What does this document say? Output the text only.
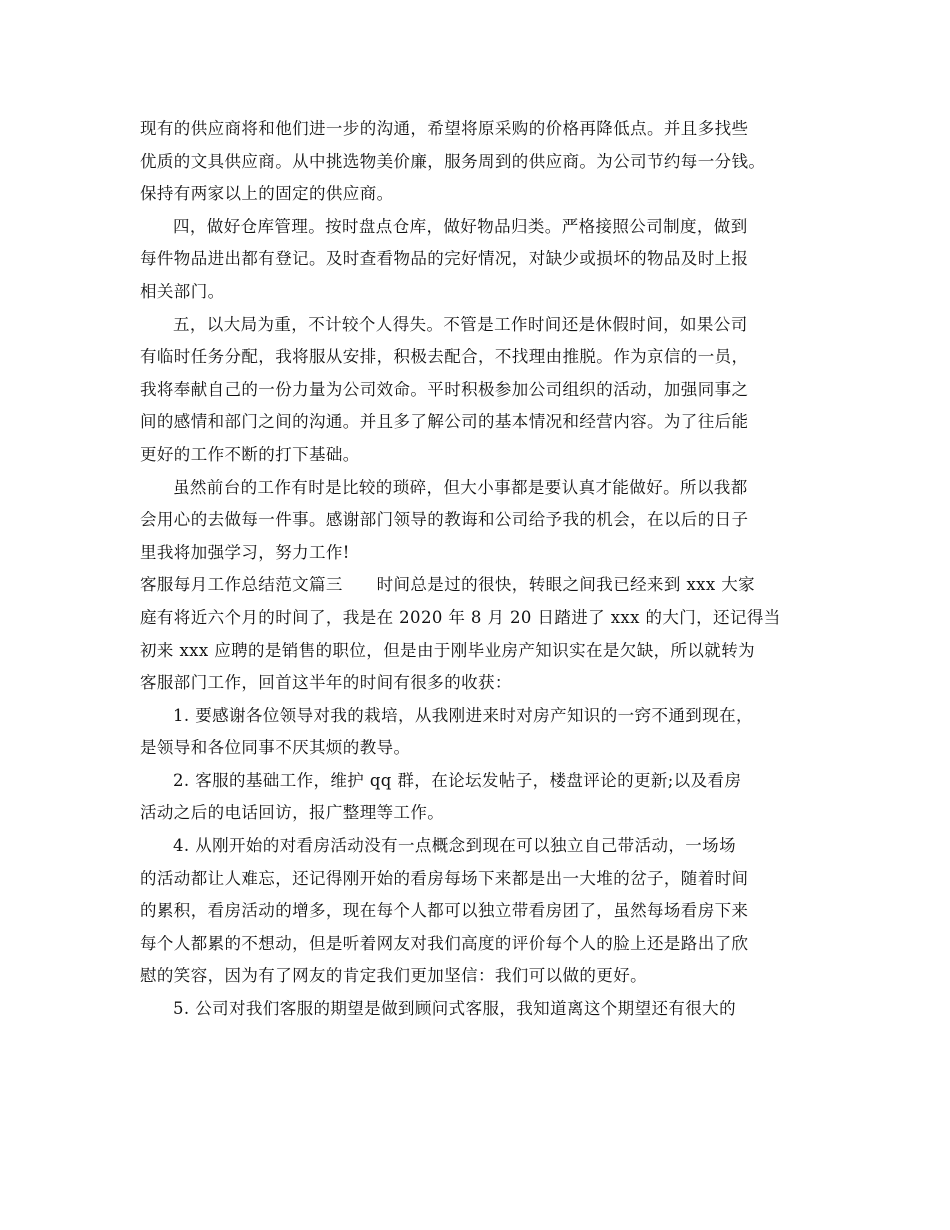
现有的供应商将和他们进一步的沟通，希望将原采购的价格再降低点。并且多找些
优质的文具供应商。从中挑选物美价廉，服务周到的供应商。为公司节约每一分钱。
保持有两家以上的固定的供应商。
四，做好仓库管理。按时盘点仓库，做好物品归类。严格接照公司制度，做到
每件物品进出都有登记。及时查看物品的完好情况，对缺少或损坏的物品及时上报
相关部门。
五，以大局为重，不计较个人得失。不管是工作时间还是休假时间，如果公司
有临时任务分配，我将服从安排，积极去配合，不找理由推脱。作为京信的一员，
我将奉献自己的一份力量为公司效命。平时积极参加公司组织的活动，加强同事之
间的感情和部门之间的沟通。并且多了解公司的基本情况和经营内容。为了往后能
更好的工作不断的打下基础。
虽然前台的工作有时是比较的琐碎，但大小事都是要认真才能做好。所以我都
会用心的去做每一件事。感谢部门领导的教诲和公司给予我的机会，在以后的日子
里我将加强学习，努力工作!
客服每月工作总结范文篇三　　时间总是过的很快，转眼之间我已经来到 xxx 大家
庭有将近六个月的时间了，我是在 2020 年 8 月 20 日踏进了 xxx 的大门，还记得当
初来 xxx 应聘的是销售的职位，但是由于刚毕业房产知识实在是欠缺，所以就转为
客服部门工作，回首这半年的时间有很多的收获：
1. 要感谢各位领导对我的栽培，从我刚进来时对房产知识的一窍不通到现在，
是领导和各位同事不厌其烦的教导。
2. 客服的基础工作，维护 qq 群，在论坛发帖子，楼盘评论的更新;以及看房
活动之后的电话回访，报广整理等工作。
4. 从刚开始的对看房活动没有一点概念到现在可以独立自己带活动，一场场
的活动都让人难忘，还记得刚开始的看房每场下来都是出一大堆的岔子，随着时间
的累积，看房活动的增多，现在每个人都可以独立带看房团了，虽然每场看房下来
每个人都累的不想动，但是听着网友对我们高度的评价每个人的脸上还是路出了欣
慰的笑容，因为有了网友的肯定我们更加坚信：我们可以做的更好。
5. 公司对我们客服的期望是做到顾问式客服，我知道离这个期望还有很大的
